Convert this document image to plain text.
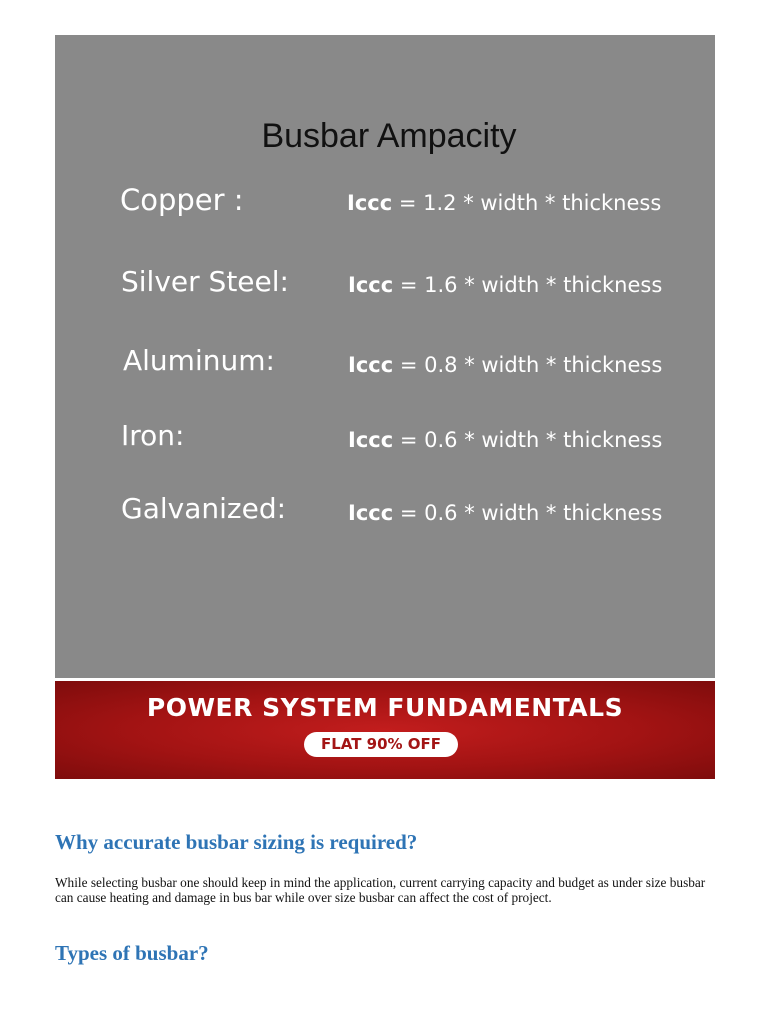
Busbar Ampacity
Copper :	Iccc = 1.2 * width * thickness
Silver Steel:	Iccc = 1.6 * width * thickness
Aluminum:	Iccc = 0.8 * width * thickness
Iron:	Iccc = 0.6 * width * thickness
Galvanized:	Iccc = 0.6 * width * thickness
POWER SYSTEM FUNDAMENTALS
FLAT 90% OFF
Why accurate busbar sizing is required?

While selecting busbar one should keep in mind the application, current carrying capacity and budget as under size busbar can cause heating and damage in bus bar while over size busbar can affect the cost of project.

Types of busbar?
